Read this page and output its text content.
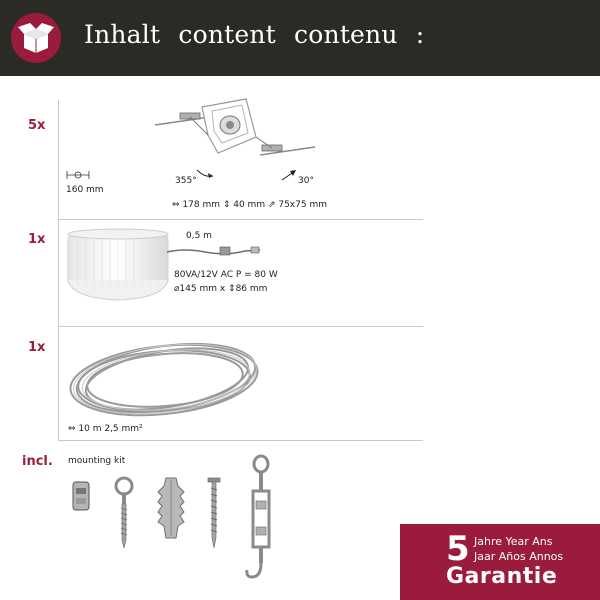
Inhalt content contenu :
5x
355°	30°
160 mm
⇔ 178 mm ⇕ 40 mm ⇗ 75x75 mm
1x	0,5 m
80VA/12V AC P = 80 W
⌀145 mm x ⇕86 mm
1x
⇔ 10 m 2,5 mm²
incl. mounting kit
5 Jahre Year Ans
Jaar Años Annos
Garantie
